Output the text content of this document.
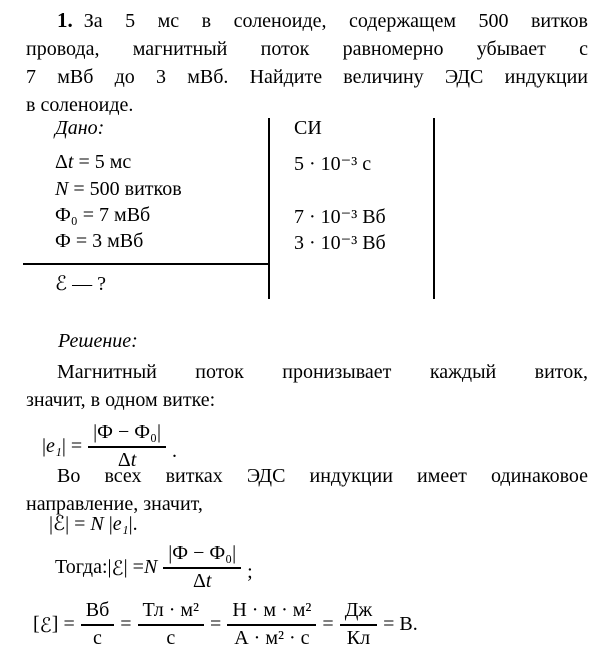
1. За 5 мс в соленоиде, содержащем 500 витков
провода, магнитный поток равномерно убывает с
7 мВб до 3 мВб. Найдите величину ЭДС индукции
в соленоиде.
Дано:	СИ
Δt = 5 мс
N = 500 витков
Ф₀ = 7 мВб
Ф = 3 мВб
5 · 10⁻³ с
7 · 10⁻³ Вб
3 · 10⁻³ Вб
ℰ — ?
Решение:
Магнитный поток пронизывает каждый виток,
значит, в одном витке:
| e₁ | = $\frac{\text{|Ф − Ф₀|}}{\Delta t}$ .
Во всех витках ЭДС индукции имеет одинаковое
направление, значит,
|ℰ| = N |e₁|.
Тогда: | ℰ | = N $\frac{\text{|Ф − Ф₀|}}{\Delta t}$ ;
[ ℰ ] = $\frac{Вб}{с} = \frac{\text{Тл · м²}}{с} = \frac{\text{Н · м · м²}}{\text{А · м² · с}} = \frac{Дж}{Кл} = В$.
